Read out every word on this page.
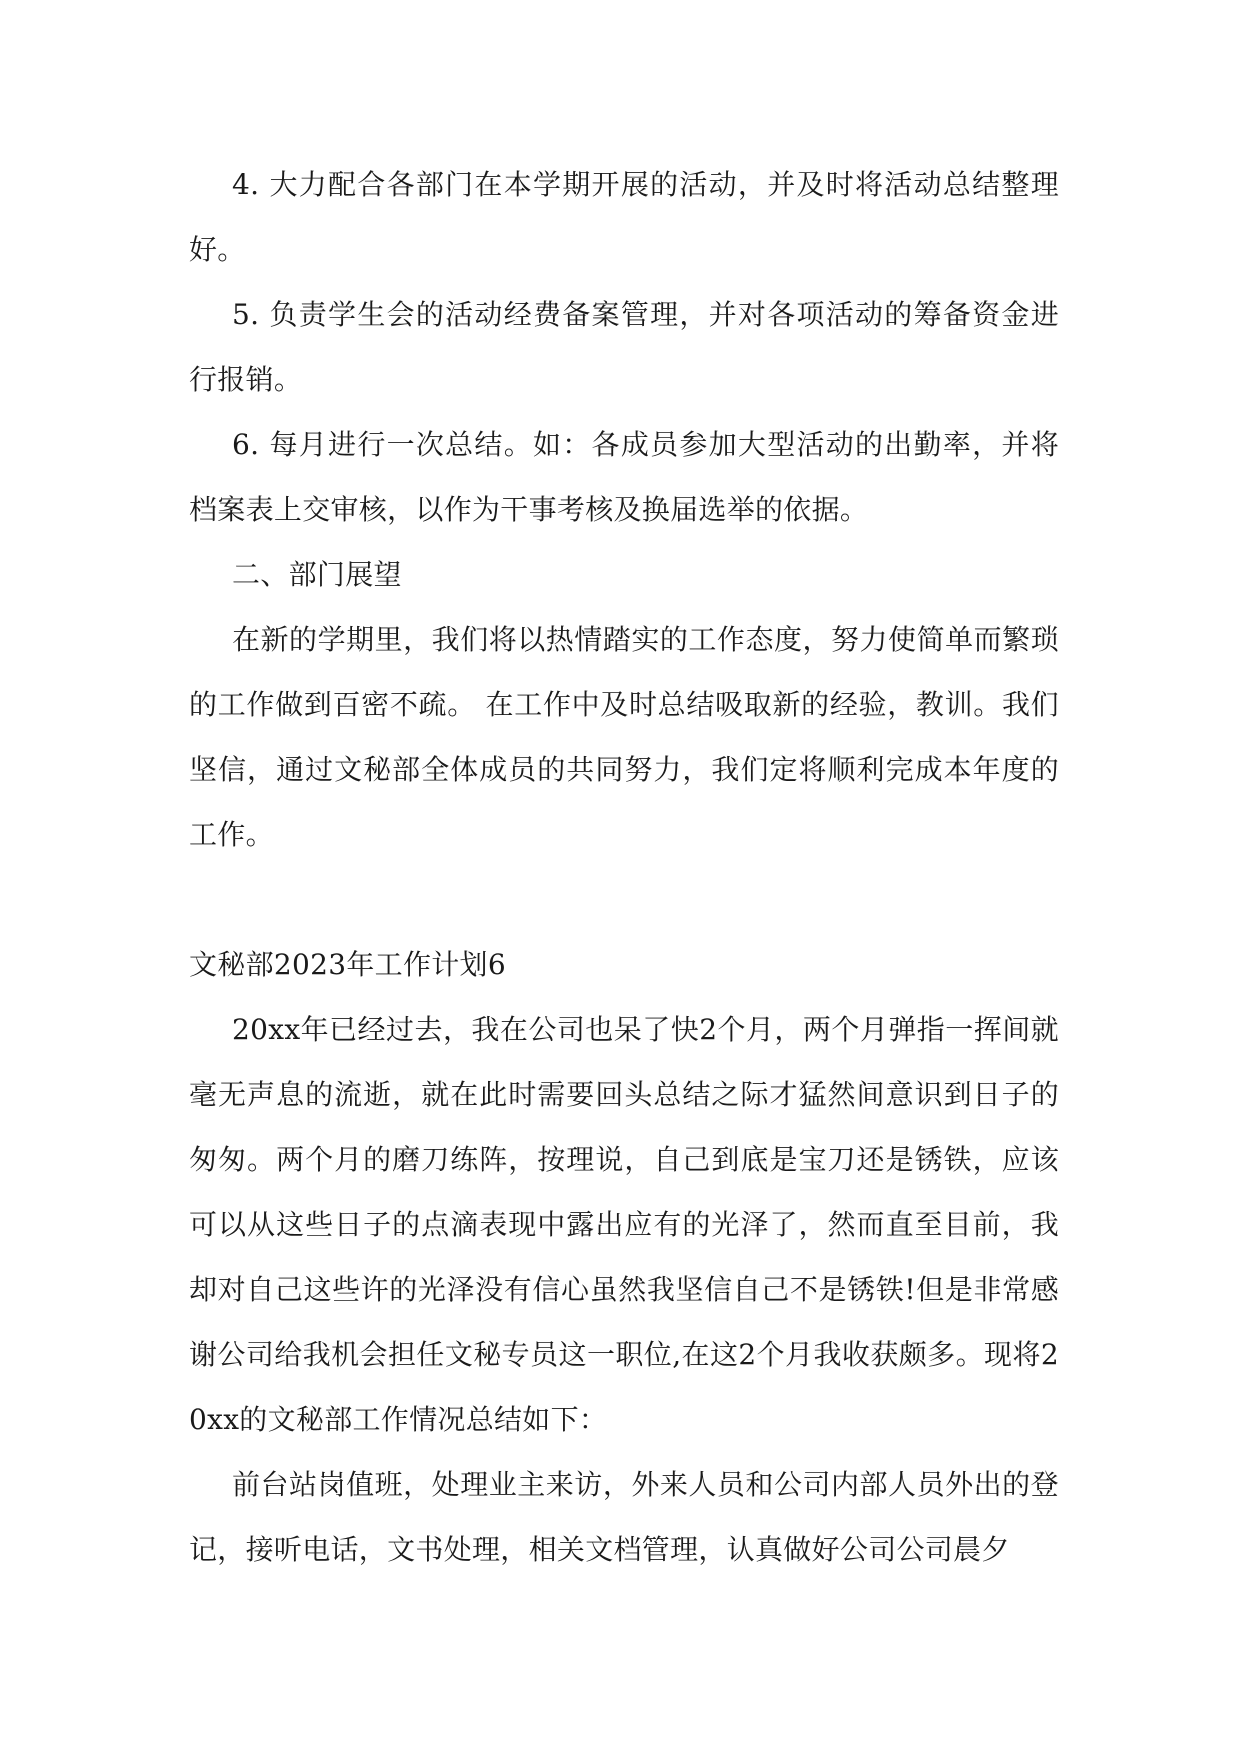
4. 大力配合各部门在本学期开展的活动，并及时将活动总结整理好。

5. 负责学生会的活动经费备案管理，并对各项活动的筹备资金进行报销。

6. 每月进行一次总结。如：各成员参加大型活动的出勤率，并将档案表上交审核，以作为干事考核及换届选举的依据。

二、部门展望

在新的学期里，我们将以热情踏实的工作态度，努力使简单而繁琐的工作做到百密不疏。 在工作中及时总结吸取新的经验，教训。我们坚信，通过文秘部全体成员的共同努力，我们定将顺利完成本年度的工作。

文秘部2023年工作计划6

20xx年已经过去，我在公司也呆了快2个月，两个月弹指一挥间就毫无声息的流逝，就在此时需要回头总结之际才猛然间意识到日子的匆匆。两个月的磨刀练阵，按理说，自己到底是宝刀还是锈铁，应该可以从这些日子的点滴表现中露出应有的光泽了，然而直至目前，我却对自己这些许的光泽没有信心虽然我坚信自己不是锈铁!但是非常感谢公司给我机会担任文秘专员这一职位,在这2个月我收获颇多。现将20xx的文秘部工作情况总结如下：

前台站岗值班，处理业主来访，外来人员和公司内部人员外出的登记，接听电话，文书处理，相关文档管理，认真做好公司公司晨夕
